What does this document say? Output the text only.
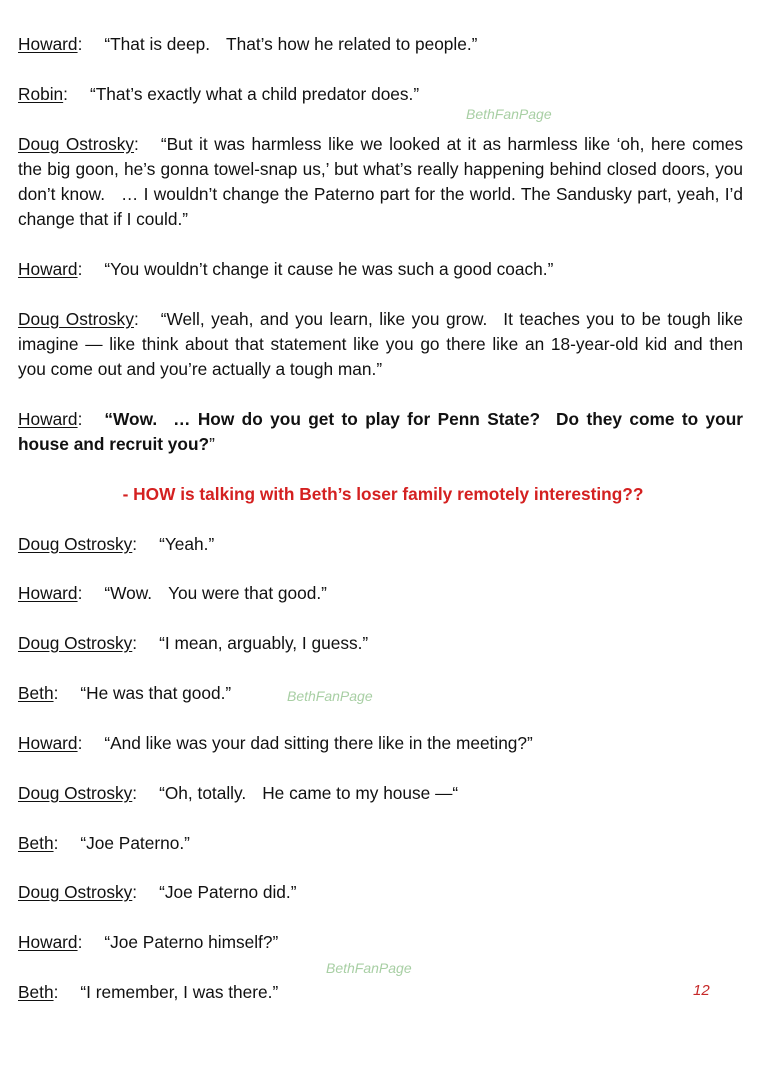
Howard: “That is deep. That’s how he related to people.”

Robin: “That’s exactly what a child predator does.”

BethFanPage

Doug Ostrosky: “But it was harmless like we looked at it as harmless like ‘oh, here comes the big goon, he’s gonna towel-snap us,’ but what’s really happening behind closed doors, you don’t know. … I wouldn’t change the Paterno part for the world. The Sandusky part, yeah, I’d change that if I could.”

Howard: “You wouldn’t change it cause he was such a good coach.”

Doug Ostrosky: “Well, yeah, and you learn, like you grow. It teaches you to be tough like imagine — like think about that statement like you go there like an 18-year-old kid and then you come out and you’re actually a tough man.”

Howard: “Wow. … How do you get to play for Penn State? Do they come to your house and recruit you?”

- HOW is talking with Beth’s loser family remotely interesting??

Doug Ostrosky: “Yeah.”

Howard: “Wow. You were that good.”

Doug Ostrosky: “I mean, arguably, I guess.”

Beth: “He was that good.”	BethFanPage

Howard: “And like was your dad sitting there like in the meeting?”

Doug Ostrosky: “Oh, totally. He came to my house —“

Beth: “Joe Paterno.”

Doug Ostrosky: “Joe Paterno did.”

Howard: “Joe Paterno himself?”

BethFanPage

Beth: “I remember, I was there.”	12
